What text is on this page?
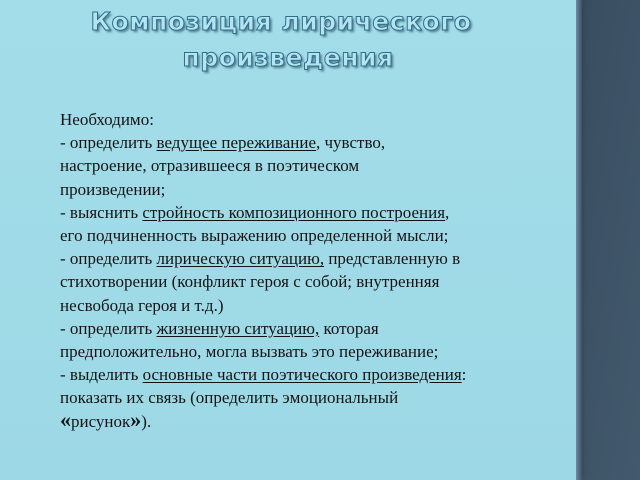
Композиция лирического
произведения
Необходимо:
- определить ведущее переживание, чувство,
настроение, отразившееся в поэтическом
произведении;
- выяснить стройность композиционного построения,
его подчиненность выражению определенной мысли;
- определить лирическую ситуацию, представленную в
стихотворении (конфликт героя с собой; внутренняя
несвобода героя и т.д.)
- определить жизненную ситуацию, которая
предположительно, могла вызвать это переживание;
- выделить основные части поэтического произведения:
показать их связь (определить эмоциональный
«рисунок»).
